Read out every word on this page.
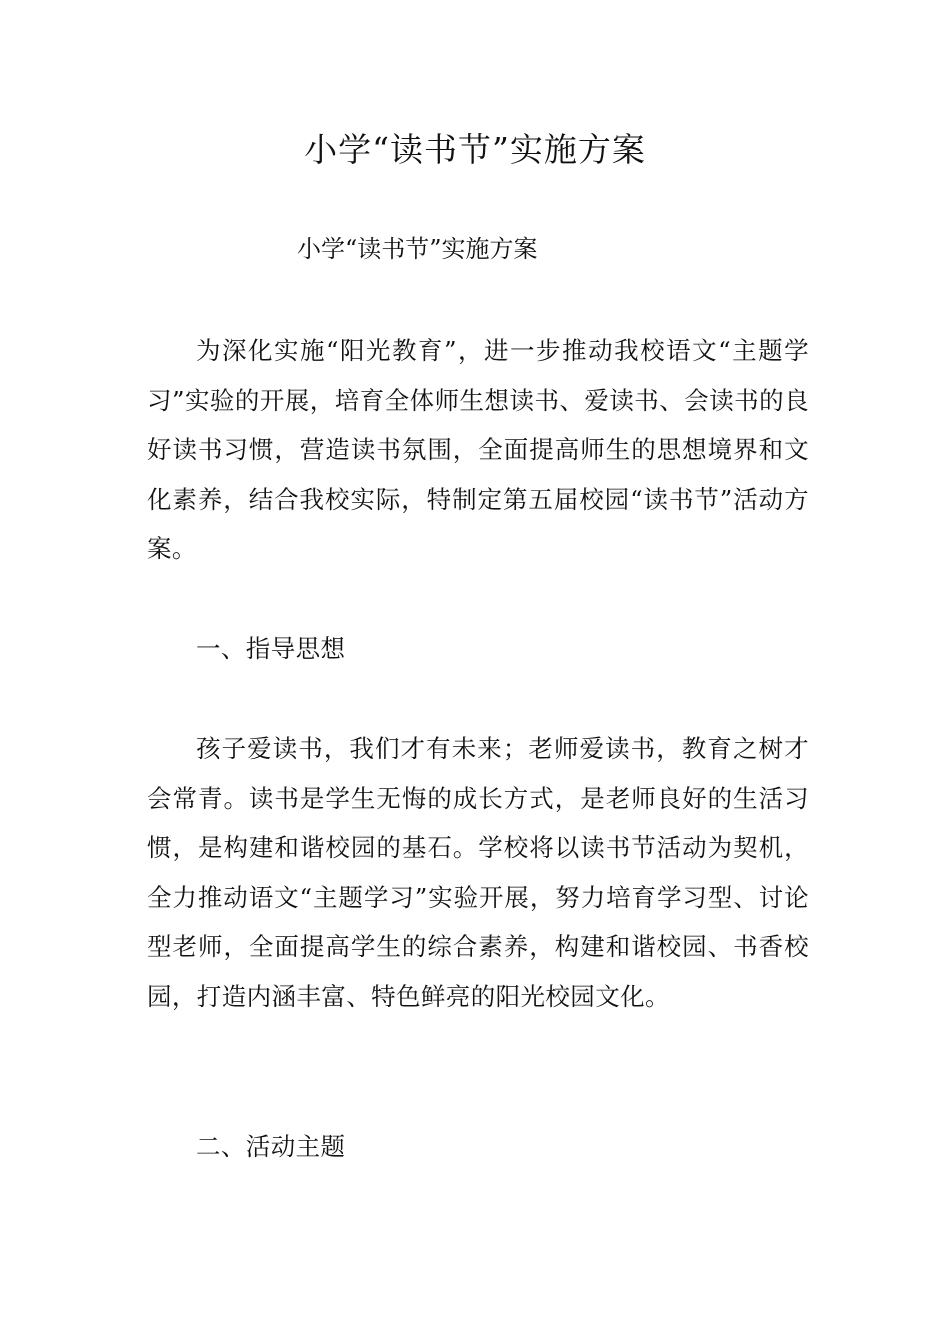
小学“读书节”实施方案

小学“读书节”实施方案

为深化实施“阳光教育”，进一步推动我校语文“主题学习”实验的开展，培育全体师生想读书、爱读书、会读书的良好读书习惯，营造读书氛围，全面提高师生的思想境界和文化素养，结合我校实际，特制定第五届校园“读书节”活动方案。

一、指导思想

孩子爱读书，我们才有未来；老师爱读书，教育之树才会常青。读书是学生无悔的成长方式，是老师良好的生活习惯，是构建和谐校园的基石。学校将以读书节活动为契机，全力推动语文“主题学习”实验开展，努力培育学习型、讨论型老师，全面提高学生的综合素养，构建和谐校园、书香校园，打造内涵丰富、特色鲜亮的阳光校园文化。

二、活动主题
